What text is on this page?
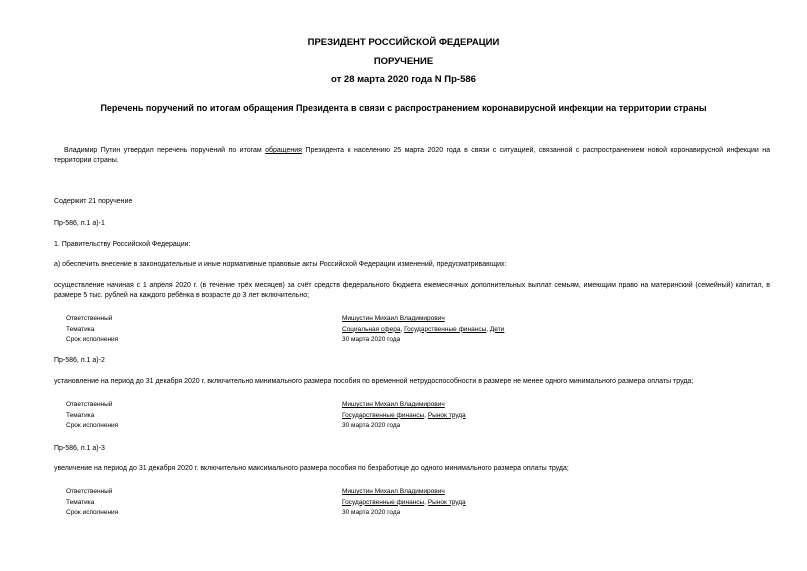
ПРЕЗИДЕНТ РОССИЙСКОЙ ФЕДЕРАЦИИ
ПОРУЧЕНИЕ
от 28 марта 2020 года N Пр-586
Перечень поручений по итогам обращения Президента в связи с распространением коронавирусной инфекции на территории страны
Владимир Путин утвердил перечень поручений по итогам обращения Президента к населению 25 марта 2020 года в связи с ситуацией, связанной с распространением новой коронавирусной инфекции на территории страны.
Содержит 21 поручение
Пр-586, п.1 а)-1
1. Правительству Российской Федерации:
а) обеспечить внесение в законодательные и иные нормативные правовые акты Российской Федерации изменений, предусматривающих:
осуществление начиная с 1 апреля 2020 г. (в течение трёх месяцев) за счёт средств федерального бюджета ежемесячных дополнительных выплат семьям, имеющим право на материнский (семейный) капитал, в размере 5 тыс. рублей на каждого ребёнка в возрасте до 3 лет включительно;
Ответственный	Мишустин Михаил Владимирович
Тематика	Социальная сфера, Государственные финансы, Дети
Срок исполнения	30 марта 2020 года
Пр-586, п.1 а)-2
установление на период до 31 декабря 2020 г. включительно минимального размера пособия по временной нетрудоспособности в размере не менее одного минимального размера оплаты труда;
Ответственный	Мишустин Михаил Владимирович
Тематика	Государственные финансы, Рынок труда
Срок исполнения	30 марта 2020 года
Пр-586, п.1 а)-3
увеличение на период до 31 декабря 2020 г. включительно максимального размера пособия по безработице до одного минимального размера оплаты труда;
Ответственный	Мишустин Михаил Владимирович
Тематика	Государственные финансы, Рынок труда
Срок исполнения	30 марта 2020 года
